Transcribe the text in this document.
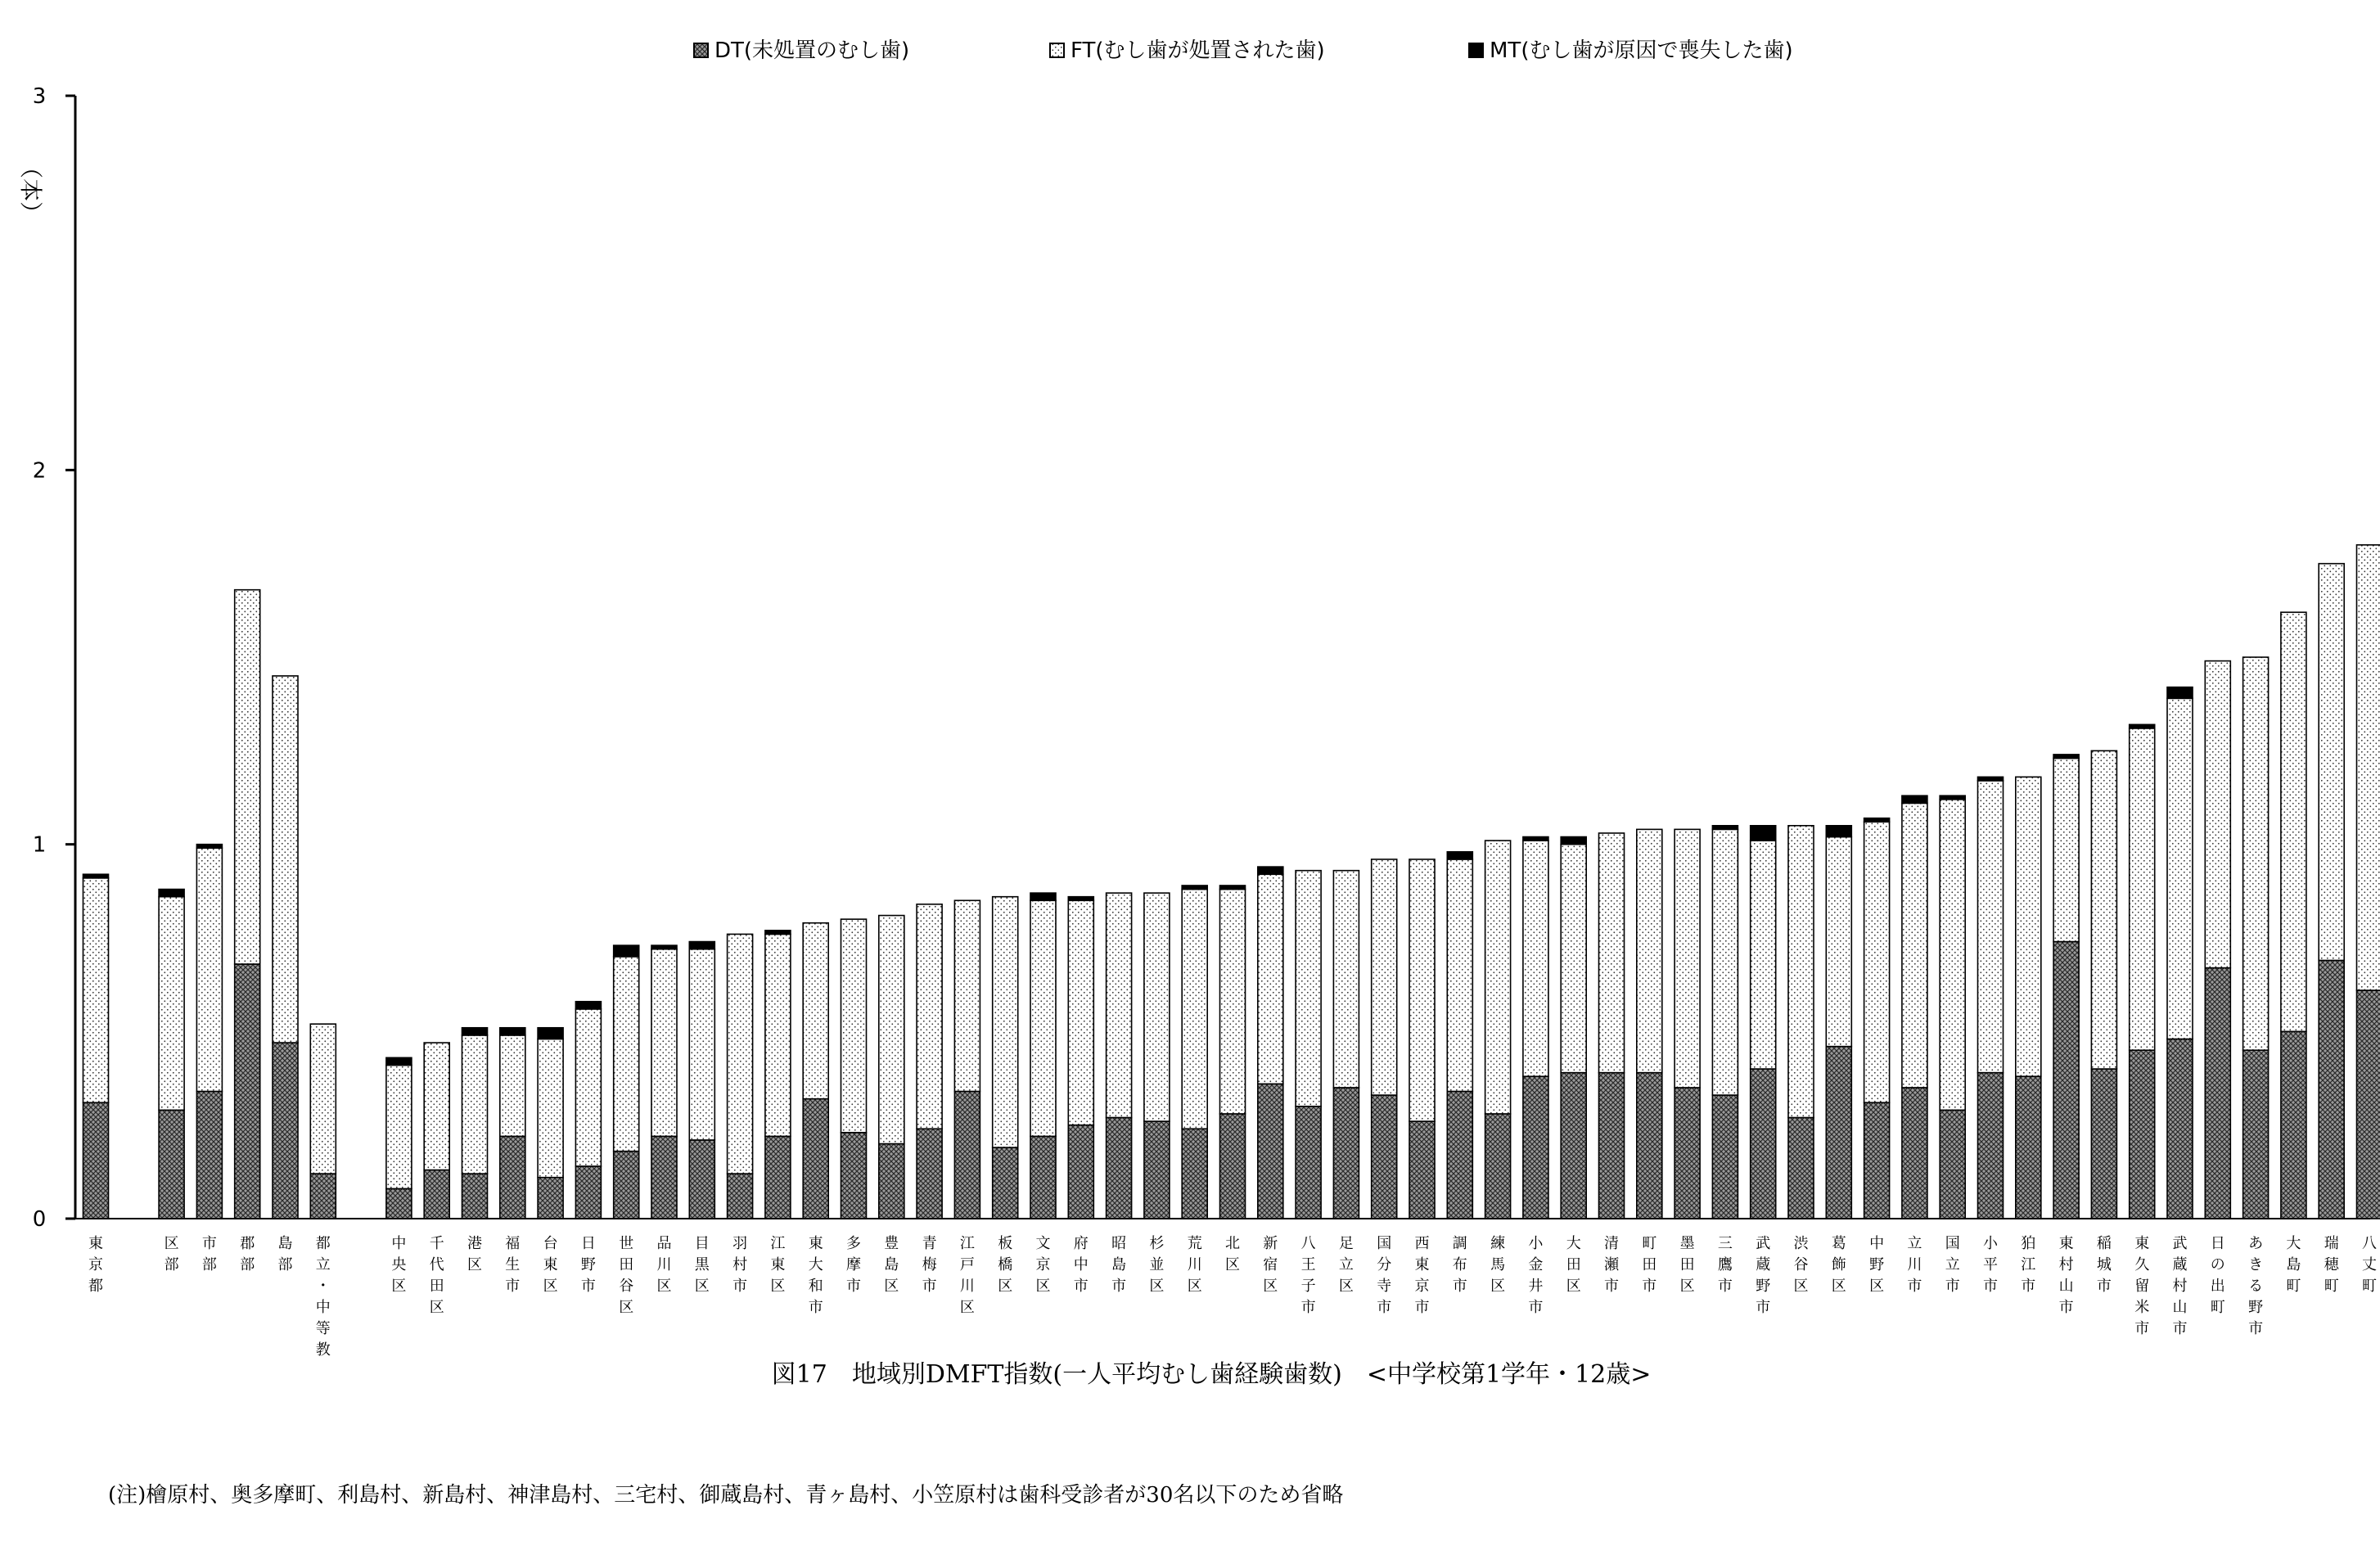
DT(未処置のむし歯)	FT(むし歯が処置された歯)	MT(むし歯が原因で喪失した歯)
0
1
2
3
東
京
都
区
部
市
部
郡
部
島
部
都
立
・
中
等
教
中
央
区
千
代
田
区
港
区
福
生
市
台
東
区
日
野
市
世
田
谷
区
品
川
区
目
黒
区
羽
村
市
江
東
区
東
大
和
市
多
摩
市
豊
島
区
青
梅
市
江
戸
川
区
板
橋
区
文
京
区
府
中
市
昭
島
市
杉
並
区
荒
川
区
北
区
新
宿
区
八
王
子
市
足
立
区
国
分
寺
市
西
東
京
市
調
布
市
練
馬
区
小
金
井
市
大
田
区
清
瀬
市
町
田
市
墨
田
区
三
鷹
市
武
蔵
野
市
渋
谷
区
葛
飾
区
中
野
区
立
川
市
国
立
市
小
平
市
狛
江
市
東
村
山
市
稲
城
市
東
久
留
米
市
武
蔵
村
山
市
日
の
出
町
あ
き
る
野
市
大
島
町
瑞
穂
町
八
丈
町
（本）
図17　地域別DMFT指数(一人平均むし歯経験歯数)　<中学校第1学年・12歳>
(注)檜原村、奥多摩町、利島村、新島村、神津島村、三宅村、御蔵島村、青ヶ島村、小笠原村は歯科受診者が30名以下のため省略
